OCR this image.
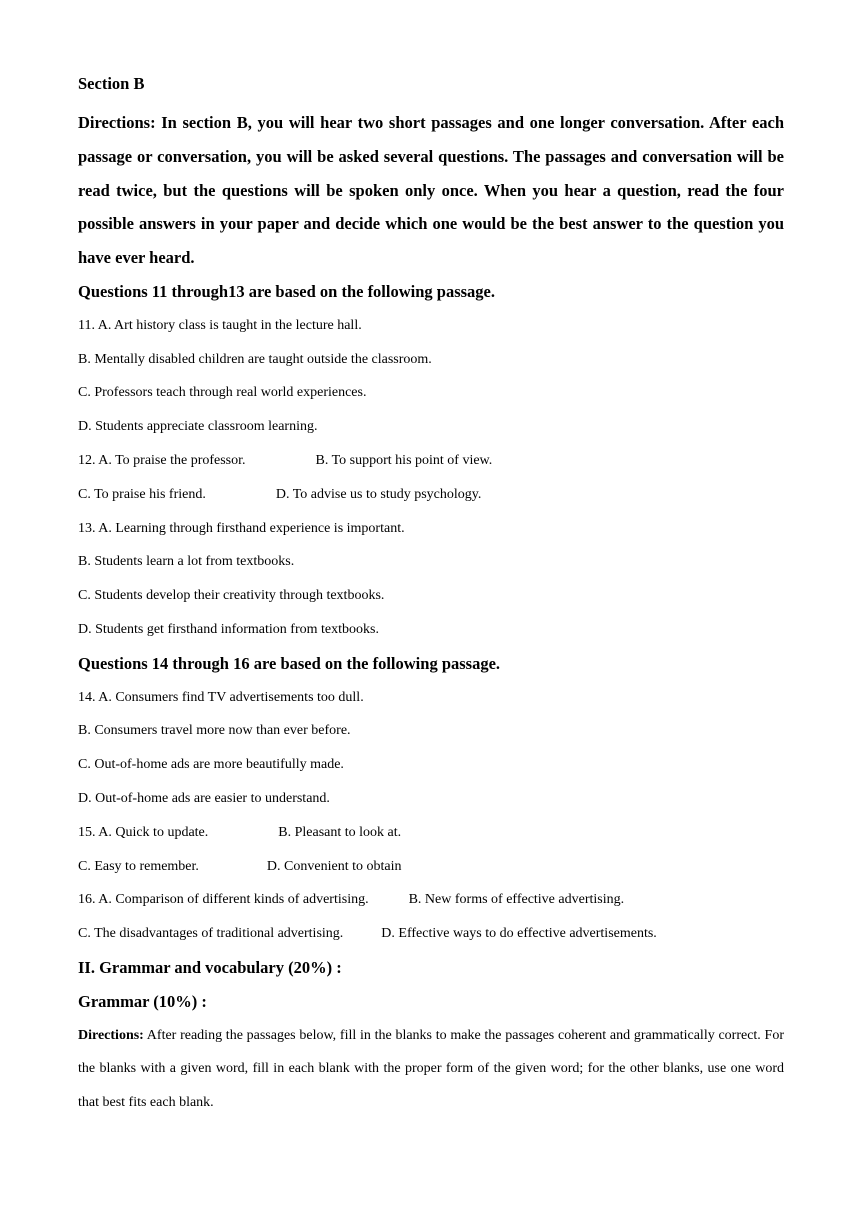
Section B
Directions: In section B, you will hear two short passages and one longer conversation. After each passage or conversation, you will be asked several questions. The passages and conversation will be read twice, but the questions will be spoken only once. When you hear a question, read the four possible answers in your paper and decide which one would be the best answer to the question you have ever heard.
Questions 11 through13 are based on the following passage.
11. A. Art history class is taught in the lecture hall.
B. Mentally disabled children are taught outside the classroom.
C. Professors teach through real world experiences.
D. Students appreciate classroom learning.
12. A. To praise the professor.	B. To support his point of view.
C. To praise his friend.	D. To advise us to study psychology.
13. A. Learning through firsthand experience is important.
B. Students learn a lot from textbooks.
C. Students develop their creativity through textbooks.
D. Students get firsthand information from textbooks.
Questions 14 through 16 are based on the following passage.
14. A. Consumers find TV advertisements too dull.
B. Consumers travel more now than ever before.
C. Out-of-home ads are more beautifully made.
D. Out-of-home ads are easier to understand.
15. A. Quick to update.	B. Pleasant to look at.
C. Easy to remember.	D. Convenient to obtain
16. A. Comparison of different kinds of advertising.	B. New forms of effective advertising.
C. The disadvantages of traditional advertising.	D. Effective ways to do effective advertisements.
II. Grammar and vocabulary (20%) :
Grammar (10%) :
Directions: After reading the passages below, fill in the blanks to make the passages coherent and grammatically correct. For the blanks with a given word, fill in each blank with the proper form of the given word; for the other blanks, use one word that best fits each blank.
